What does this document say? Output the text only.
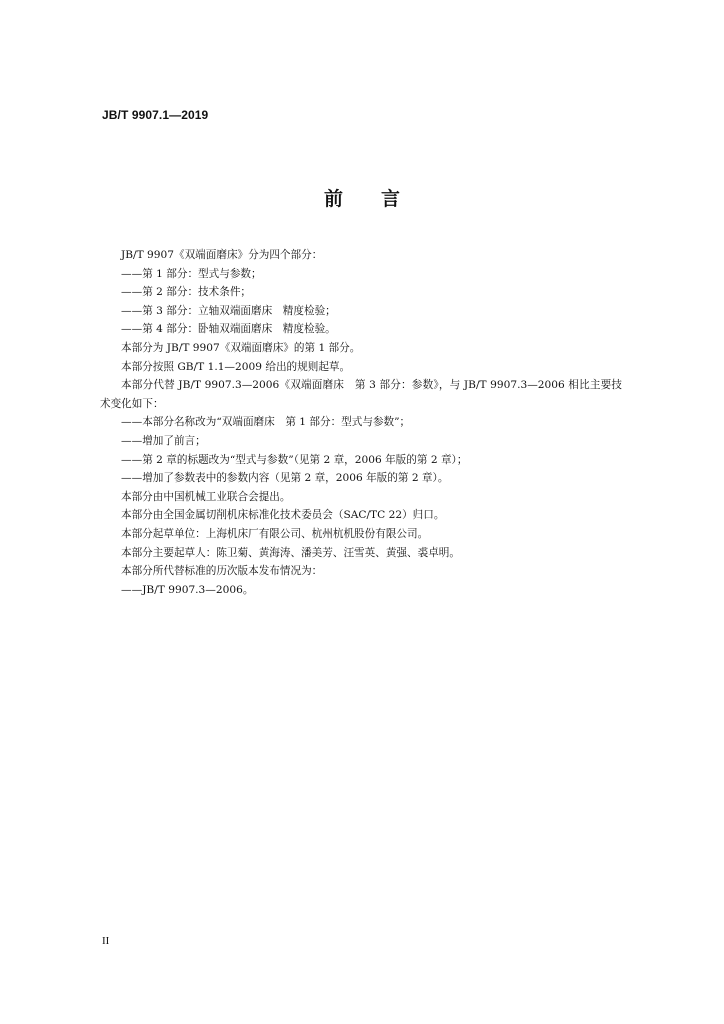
JB/T 9907.1—2019
前言

JB/T 9907《双端面磨床》分为四个部分：

——第 1 部分：型式与参数；

——第 2 部分：技术条件；

——第 3 部分：立轴双端面磨床　精度检验；

——第 4 部分：卧轴双端面磨床　精度检验。

本部分为 JB/T 9907《双端面磨床》的第 1 部分。

本部分按照 GB/T 1.1—2009 给出的规则起草。

本部分代替 JB/T 9907.3—2006《双端面磨床　第 3 部分：参数》，与 JB/T 9907.3—2006 相比主要技术变化如下：

——本部分名称改为“双端面磨床　第 1 部分：型式与参数”；

——增加了前言；

——第 2 章的标题改为“型式与参数”（见第 2 章，2006 年版的第 2 章）；

——增加了参数表中的参数内容（见第 2 章，2006 年版的第 2 章）。

本部分由中国机械工业联合会提出。

本部分由全国金属切削机床标准化技术委员会（SAC/TC 22）归口。

本部分起草单位：上海机床厂有限公司、杭州杭机股份有限公司。

本部分主要起草人：陈卫菊、黄海涛、潘美芳、汪雪英、黄强、裘卓明。

本部分所代替标准的历次版本发布情况为：

——JB/T 9907.3—2006。

II
